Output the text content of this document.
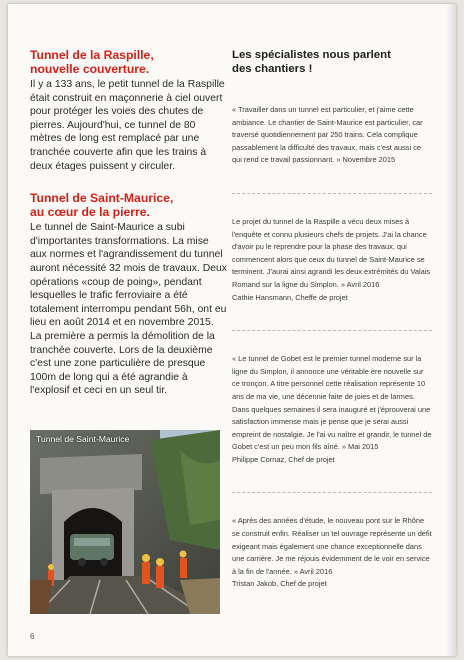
Tunnel de la Raspille,
nouvelle couverture.

Il y a 133 ans, le petit tunnel de la Raspille était construit en maçonnerie à ciel ouvert pour protéger les voies des chutes de pierres. Aujourd'hui, ce tunnel de 80 mètres de long est remplacé par une tranchée couverte afin que les trains à deux étages puissent y circuler.

Tunnel de Saint-Maurice,
au cœur de la pierre.

Le tunnel de Saint-Maurice a subi d'importantes transformations. La mise aux normes et l'agrandissement du tunnel auront nécessité 32 mois de travaux. Deux opérations «coup de poing», pendant lesquelles le trafic ferroviaire a été totalement interrompu pendant 56h, ont eu lieu en août 2014 et en novembre 2015. La première a permis la démolition de la tranchée couverte. Lors de la deuxième c'est une zone particulière de presque 100m de long qui a été agrandie à l'explosif et ceci en un seul tir.

Les spécialistes nous parlent
des chantiers !

« Travailler dans un tunnel est particulier, et j'aime cette ambiance. Le chantier de Saint-Maurice est particulier, car traversé quotidiennement par 250 trains. Cela complique passablement la difficulté des travaux, mais c'est aussi ce qui rend ce travail passionnant. » Novembre 2015

Le projet du tunnel de la Raspille a vécu deux mises à l'enquête et connu plusieurs chefs de projets. J'ai la chance d'avoir pu le reprendre pour la phase des travaux, qui commencent alors que ceux du tunnel de Saint-Maurice se terminent. J'aurai ainsi agrandi les deux extrémités du Valais Romand sur la ligne du Simplon. » Avril 2016

Cathie Hansmann, Cheffe de projet

« Le tunnel de Gobet est le premier tunnel moderne sur la ligne du Simplon, il annonce une véritable ère nouvelle sur ce tronçon. A titre personnel cette réalisation représente 10 ans de ma vie, une décennie faite de joies et de larmes. Dans quelques semaines il sera inauguré et j'éprouverai une satisfaction immense mais je pense que je serai aussi empreint de nostalgie. Je l'ai vu naître et grandir, le tunnel de Gobet c'est un peu mon fils aîné. » Mai 2015

Philippe Cornaz, Chef de projet

« Après des années d'étude, le nouveau pont sur le Rhône se construit enfin. Réaliser un tel ouvrage représente un défit exigeant mais également une chance exceptionnelle dans une carrière. Je me réjouis évidemment de le voir en service à la fin de l'année. » Avril 2016

Tristan Jakob, Chef de projet

Tunnel de Saint-Maurice
6
